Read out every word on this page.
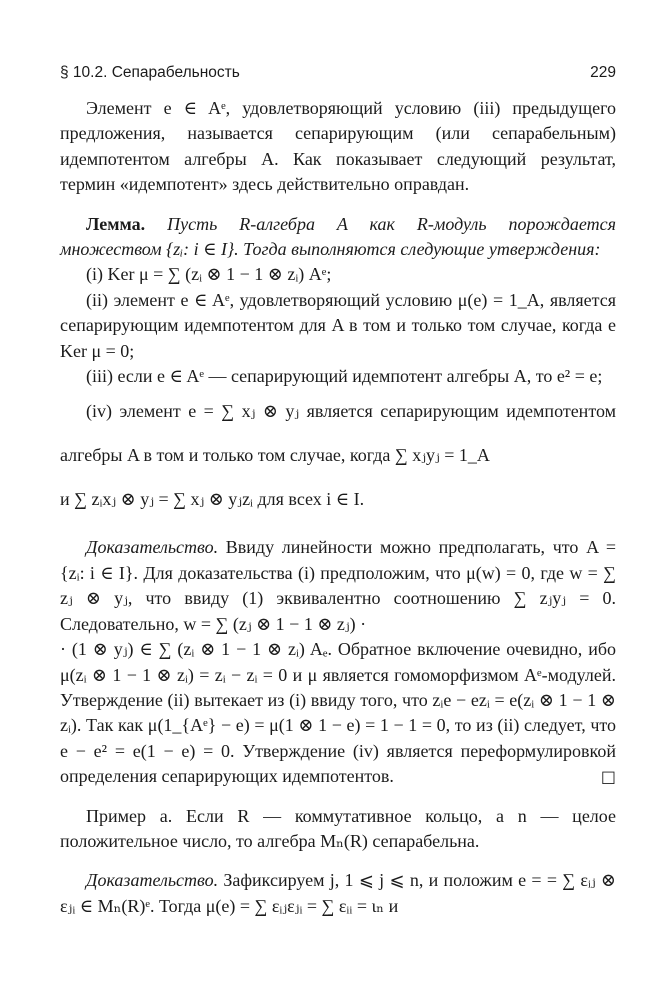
§ 10.2. Сепарабельность	229

Элемент e ∈ Aᵉ, удовлетворяющий условию (iii) предыдущего предложения, называется сепарирующим (или сепарабельным) идемпотентом алгебры A. Как показывает следующий результат, термин «идемпотент» здесь действительно оправдан.

Лемма. Пусть R-алгебра A как R-модуль порождается множеством {zᵢ: i ∈ I}. Тогда выполняются следующие утверждения:

(i) Ker μ = ∑ (zᵢ ⊗ 1 − 1 ⊗ zᵢ) Aᵉ;

(ii) элемент e ∈ Aᵉ, удовлетворяющий условию μ(e) = 1_A, является сепарирующим идемпотентом для A в том и только том случае, когда e Ker μ = 0;

(iii) если e ∈ Aᵉ — сепарирующий идемпотент алгебры A, то e² = e;

(iv) элемент e = ∑ xⱼ ⊗ yⱼ является сепарирующим идемпотентом алгебры A в том и только том случае, когда ∑ xⱼyⱼ = 1_A

и ∑ zᵢxⱼ ⊗ yⱼ = ∑ xⱼ ⊗ yⱼzᵢ для всех i ∈ I.

Доказательство. Ввиду линейности можно предполагать, что A = {zᵢ: i ∈ I}. Для доказательства (i) предположим, что μ(w) = 0, где w = ∑ zⱼ ⊗ yⱼ, что ввиду (1) эквивалентно соотношению ∑ zⱼyⱼ = 0. Следовательно, w = ∑ (zⱼ ⊗ 1 − 1 ⊗ zⱼ) ·

· (1 ⊗ yⱼ) ∈ ∑ (zᵢ ⊗ 1 − 1 ⊗ zᵢ) Aₑ. Обратное включение очевидно, ибо μ(zᵢ ⊗ 1 − 1 ⊗ zᵢ) = zᵢ − zᵢ = 0 и μ является гомоморфизмом Aᵉ-модулей. Утверждение (ii) вытекает из (i) ввиду того, что zᵢe − ezᵢ = e(zᵢ ⊗ 1 − 1 ⊗ zᵢ). Так как μ(1_{Aᵉ} − e) = μ(1 ⊗ 1 − e) = 1 − 1 = 0, то из (ii) следует, что e − e² = e(1 − e) = 0. Утверждение (iv) является переформулировкой определения сепарирующих идемпотентов.	□

Пример а. Если R — коммутативное кольцо, а n — целое положительное число, то алгебра Mₙ(R) сепарабельна.

Доказательство. Зафиксируем j, 1 ⩽ j ⩽ n, и положим e = = ∑ εᵢⱼ ⊗ εⱼᵢ ∈ Mₙ(R)ᵉ. Тогда μ(e) = ∑ εᵢⱼεⱼᵢ = ∑ εᵢᵢ = ιₙ и
